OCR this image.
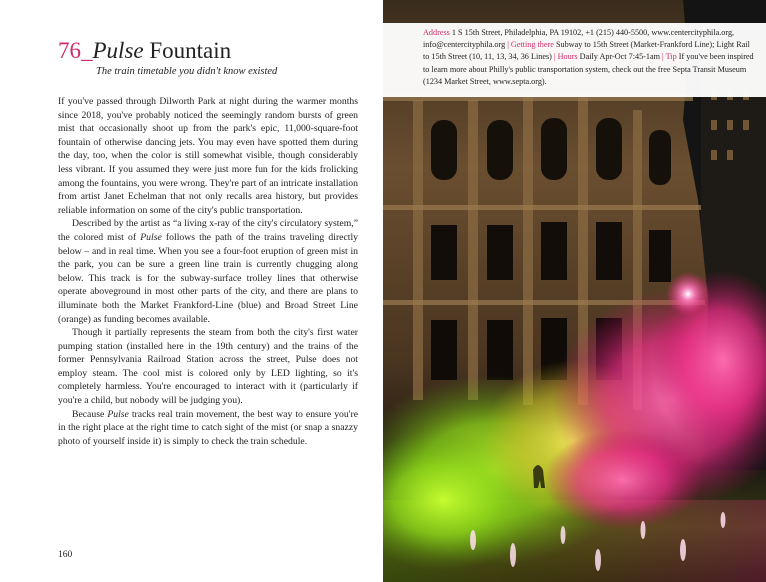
76_Pulse Fountain
The train timetable you didn't know existed

If you've passed through Dilworth Park at night during the warmer months since 2018, you've probably noticed the seemingly random bursts of green mist that occasionally shoot up from the park's epic, 11,000-square-foot fountain of otherwise dancing jets. You may even have spotted them during the day, too, when the color is still somewhat visible, though considerably less vibrant. If you assumed they were just more fun for the kids frolicking among the fountains, you were wrong. They're part of an intricate installation from artist Janet Echelman that not only recalls area history, but provides reliable information on some of the city's public transportation.

Described by the artist as “a living x-ray of the city's circulatory system,” the colored mist of Pulse follows the path of the trains traveling directly below – and in real time. When you see a four-foot eruption of green mist in the park, you can be sure a green line train is currently chugging along below. This track is for the subway-surface trolley lines that otherwise operate aboveground in most other parts of the city, and there are plans to illuminate both the Market Frankford-Line (blue) and Broad Street Line (orange) as funding becomes available.

Though it partially represents the steam from both the city's first water pumping station (installed here in the 19th century) and the trains of the former Pennsylvania Railroad Station across the street, Pulse does not employ steam. The cool mist is colored only by LED lighting, so it's completely harmless. You're encouraged to interact with it (particularly if you're a child, but nobody will be judging you).

Because Pulse tracks real train movement, the best way to ensure you're in the right place at the right time to catch sight of the mist (or snap a snazzy photo of yourself inside it) is simply to check the train schedule.

160
Address 1 S 15th Street, Philadelphia, PA 19102, +1 (215) 440-5500, www.centercityphila.org, info@centercityphila.org | Getting there Subway to 15th Street (Market-Frankford Line); Light Rail to 15th Street (10, 11, 13, 34, 36 Lines) | Hours Daily Apr-Oct 7:45-1am | Tip If you've been inspired to learn more about Philly's public transportation system, check out the free Septa Transit Museum (1234 Market Street, www.septa.org).
